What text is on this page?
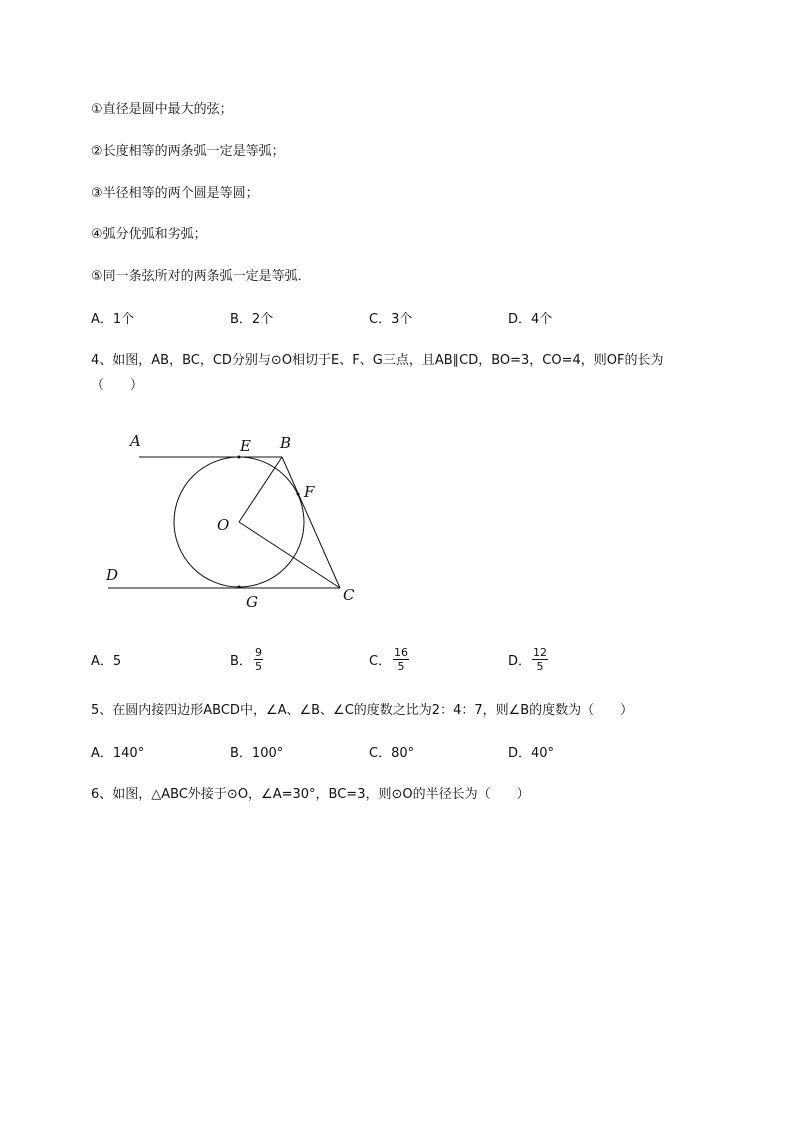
①直径是圆中最大的弦；
②长度相等的两条弧一定是等弧；
③半径相等的两个圆是等圆；
④弧分优弧和劣弧；
⑤同一条弦所对的两条弧一定是等弧．
A．1个	B．2个	C．3个	D．4个
4、如图，AB，BC，CD分别与⊙O相切于E、F、G三点，且AB∥CD，BO=3，CO=4，则OF的长为
（　　）
A	E B
F
O
D
G	C
A．5	B． $\frac{9}{5}$	C． $\frac{16}{5}$	D． $\frac{12}{5}$
5、在圆内接四边形ABCD中，∠A、∠B、∠C的度数之比为2：4：7，则∠B的度数为（　　）
A．140°	B．100°	C．80°	D．40°
6、如图，△ABC外接于⊙O，∠A=30°，BC=3，则⊙O的半径长为（　　）
